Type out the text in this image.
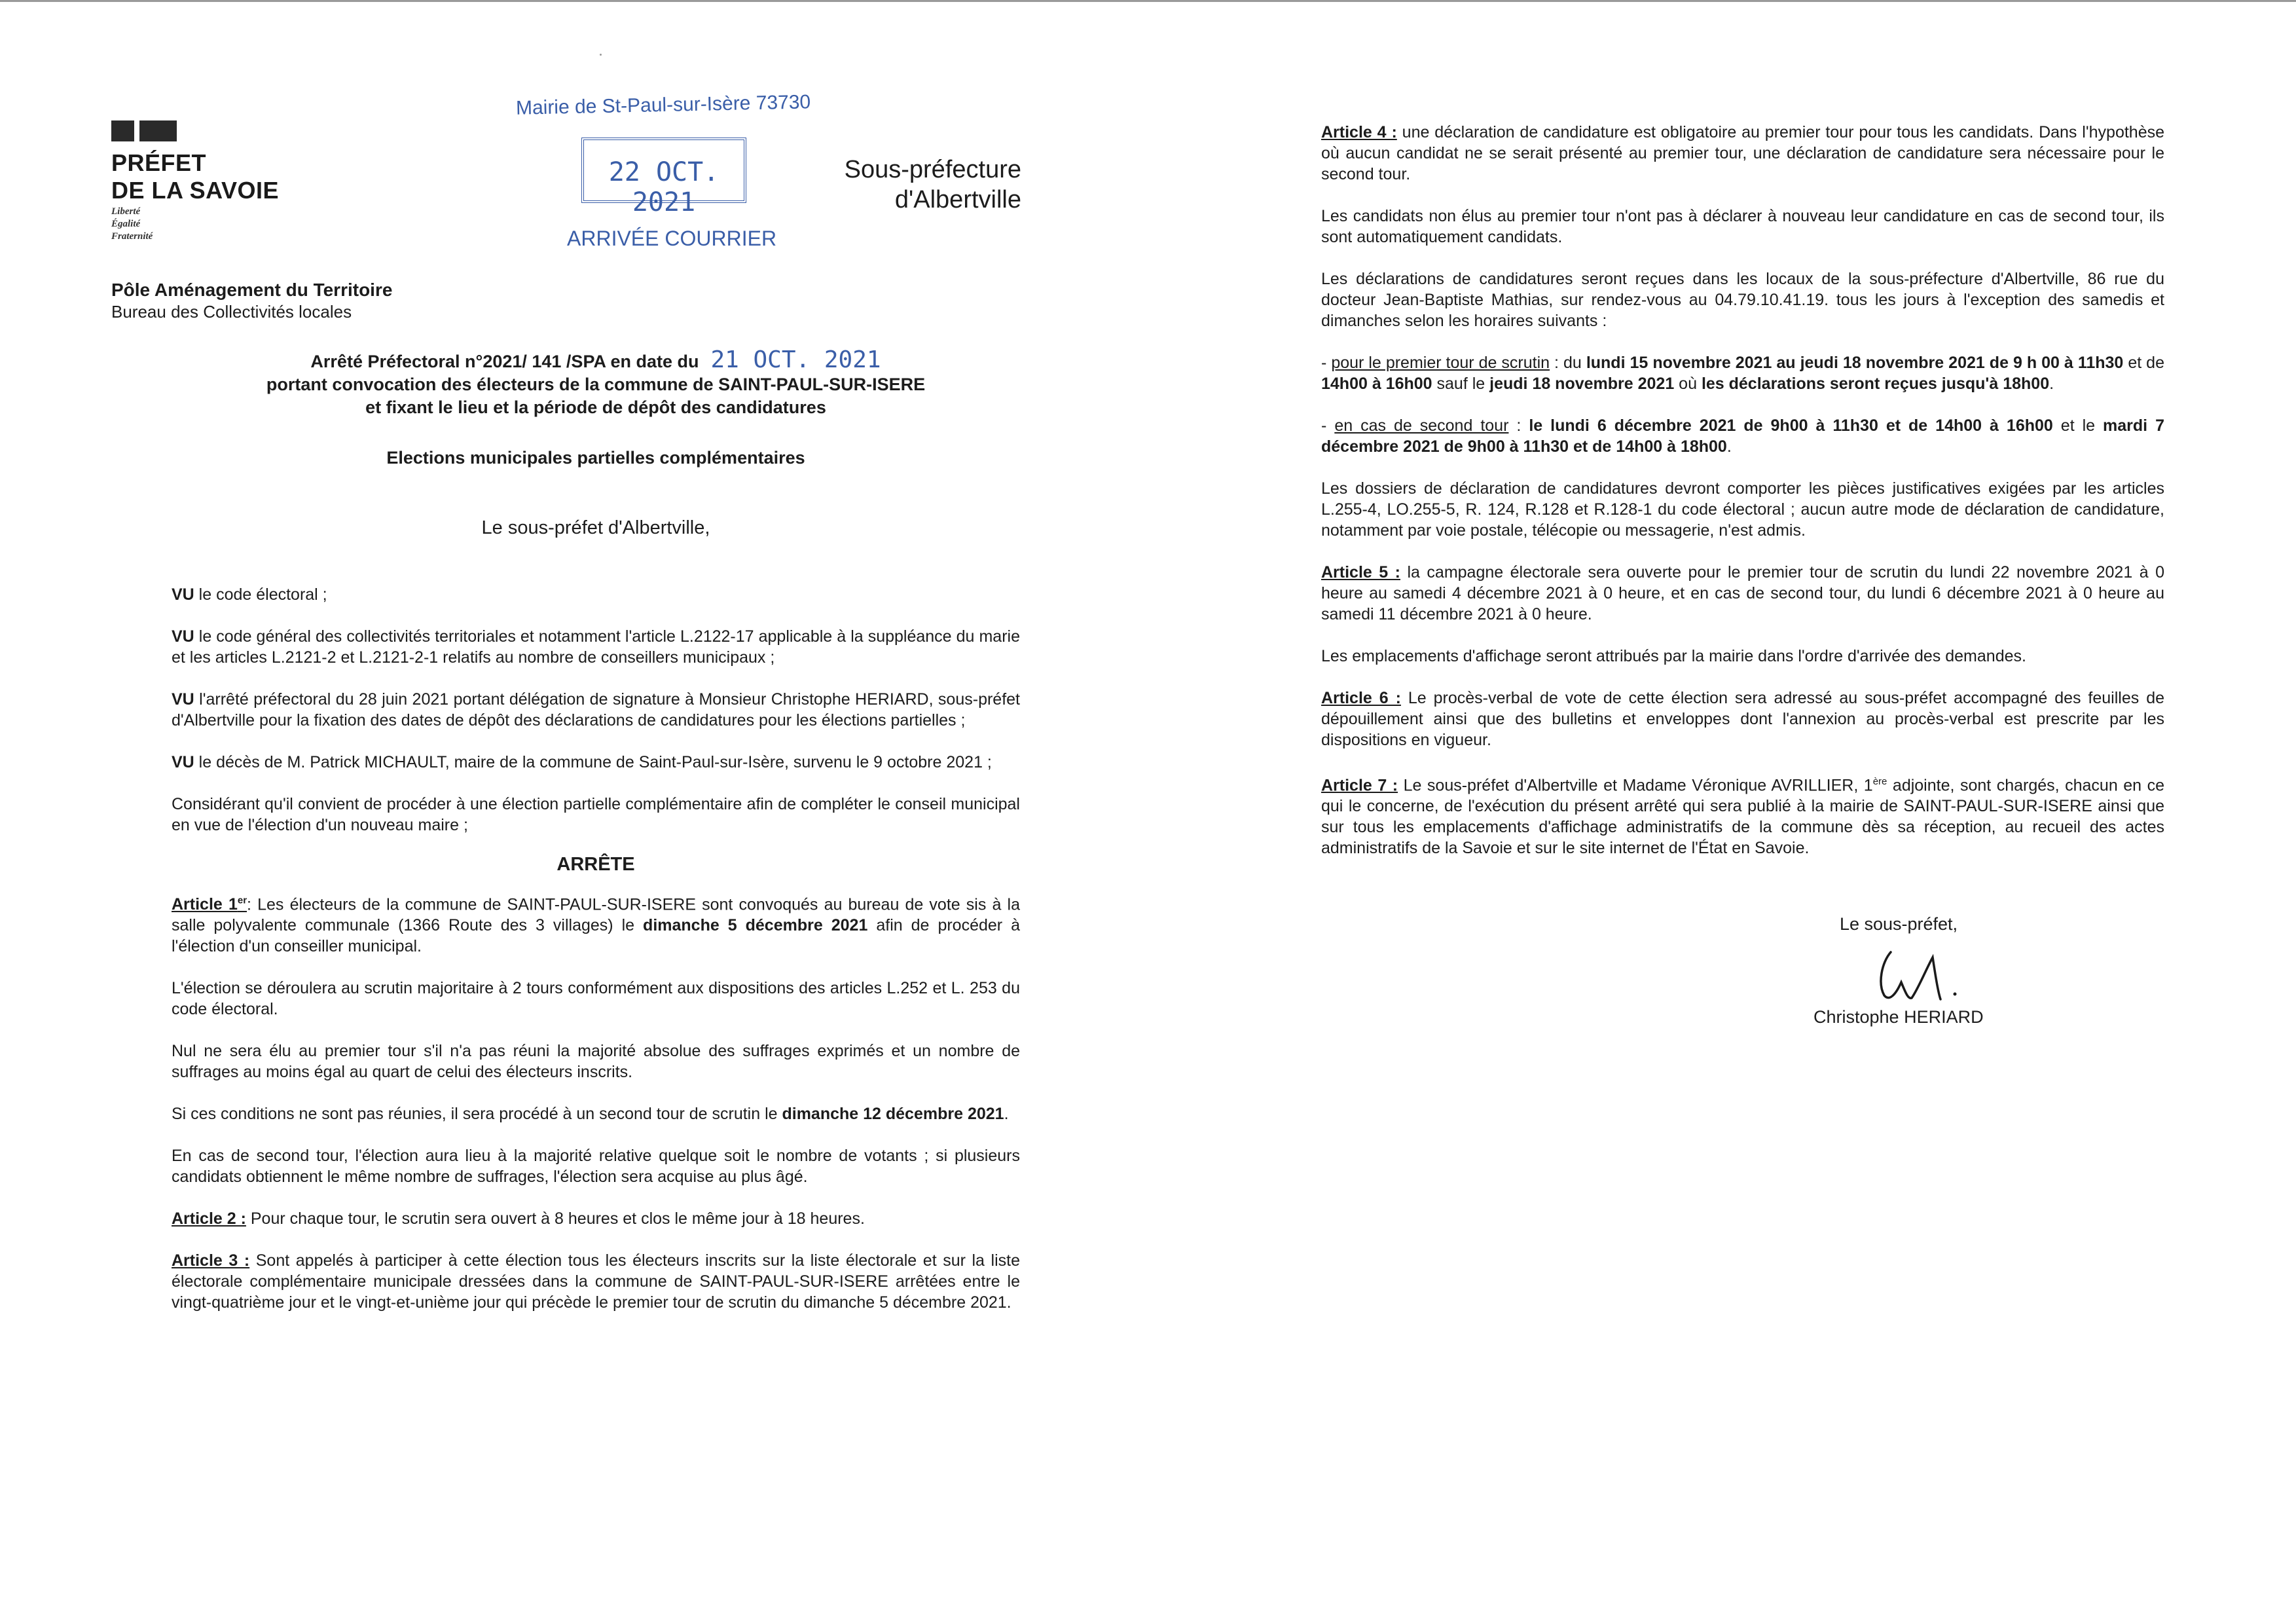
PRÉFET
DE LA SAVOIE
Liberté
Égalité
Fraternité
Pôle Aménagement du Territoire
Bureau des Collectivités locales
Mairie de St-Paul-sur-Isère 73730
22 OCT. 2021
ARRIVÉE COURRIER
Sous-préfecture
d'Albertville
Arrêté Préfectoral n°2021/ 141 /SPA en date du 21 OCT. 2021
portant convocation des électeurs de la commune de SAINT-PAUL-SUR-ISERE
et fixant le lieu et la période de dépôt des candidatures
Elections municipales partielles complémentaires
Le sous-préfet d'Albertville,

VU le code électoral ;

VU le code général des collectivités territoriales et notamment l'article L.2122-17 applicable à la suppléance du marie et les articles L.2121-2 et L.2121-2-1 relatifs au nombre de conseillers municipaux ;

VU l'arrêté préfectoral du 28 juin 2021 portant délégation de signature à Monsieur Christophe HERIARD, sous-préfet d'Albertville pour la fixation des dates de dépôt des déclarations de candidatures pour les élections partielles ;

VU le décès de M. Patrick MICHAULT, maire de la commune de Saint-Paul-sur-Isère, survenu le 9 octobre 2021 ;

Considérant qu'il convient de procéder à une élection partielle complémentaire afin de compléter le conseil municipal en vue de l'élection d'un nouveau maire ;

ARRÊTE

Article 1er: Les électeurs de la commune de SAINT-PAUL-SUR-ISERE sont convoqués au bureau de vote sis à la salle polyvalente communale (1366 Route des 3 villages) le dimanche 5 décembre 2021 afin de procéder à l'élection d'un conseiller municipal.

L'élection se déroulera au scrutin majoritaire à 2 tours conformément aux dispositions des articles L.252 et L. 253 du code électoral.

Nul ne sera élu au premier tour s'il n'a pas réuni la majorité absolue des suffrages exprimés et un nombre de suffrages au moins égal au quart de celui des électeurs inscrits.

Si ces conditions ne sont pas réunies, il sera procédé à un second tour de scrutin le dimanche 12 décembre 2021.

En cas de second tour, l'élection aura lieu à la majorité relative quelque soit le nombre de votants ; si plusieurs candidats obtiennent le même nombre de suffrages, l'élection sera acquise au plus âgé.

Article 2 : Pour chaque tour, le scrutin sera ouvert à 8 heures et clos le même jour à 18 heures.

Article 3 : Sont appelés à participer à cette élection tous les électeurs inscrits sur la liste électorale et sur la liste électorale complémentaire municipale dressées dans la commune de SAINT-PAUL-SUR-ISERE arrêtées entre le vingt-quatrième jour et le vingt-et-unième jour qui précède le premier tour de scrutin du dimanche 5 décembre 2021.

Article 4 : une déclaration de candidature est obligatoire au premier tour pour tous les candidats. Dans l'hypothèse où aucun candidat ne se serait présenté au premier tour, une déclaration de candidature sera nécessaire pour le second tour.

Les candidats non élus au premier tour n'ont pas à déclarer à nouveau leur candidature en cas de second tour, ils sont automatiquement candidats.

Les déclarations de candidatures seront reçues dans les locaux de la sous-préfecture d'Albertville, 86 rue du docteur Jean-Baptiste Mathias, sur rendez-vous au 04.79.10.41.19. tous les jours à l'exception des samedis et dimanches selon les horaires suivants :

- pour le premier tour de scrutin : du lundi 15 novembre 2021 au jeudi 18 novembre 2021 de 9 h 00 à 11h30 et de 14h00 à 16h00 sauf le jeudi 18 novembre 2021 où les déclarations seront reçues jusqu'à 18h00.

- en cas de second tour : le lundi 6 décembre 2021 de 9h00 à 11h30 et de 14h00 à 16h00 et le mardi 7 décembre 2021 de 9h00 à 11h30 et de 14h00 à 18h00.

Les dossiers de déclaration de candidatures devront comporter les pièces justificatives exigées par les articles L.255-4, LO.255-5, R. 124, R.128 et R.128-1 du code électoral ; aucun autre mode de déclaration de candidature, notamment par voie postale, télécopie ou messagerie, n'est admis.

Article 5 : la campagne électorale sera ouverte pour le premier tour de scrutin du lundi 22 novembre 2021 à 0 heure au samedi 4 décembre 2021 à 0 heure, et en cas de second tour, du lundi 6 décembre 2021 à 0 heure au samedi 11 décembre 2021 à 0 heure.

Les emplacements d'affichage seront attribués par la mairie dans l'ordre d'arrivée des demandes.

Article 6 : Le procès-verbal de vote de cette élection sera adressé au sous-préfet accompagné des feuilles de dépouillement ainsi que des bulletins et enveloppes dont l'annexion au procès-verbal est prescrite par les dispositions en vigueur.

Article 7 : Le sous-préfet d'Albertville et Madame Véronique AVRILLIER, 1ère adjointe, sont chargés, chacun en ce qui le concerne, de l'exécution du présent arrêté qui sera publié à la mairie de SAINT-PAUL-SUR-ISERE ainsi que sur tous les emplacements d'affichage administratifs de la commune dès sa réception, au recueil des actes administratifs de la Savoie et sur le site internet de l'État en Savoie.

Le sous-préfet,
Christophe HERIARD
